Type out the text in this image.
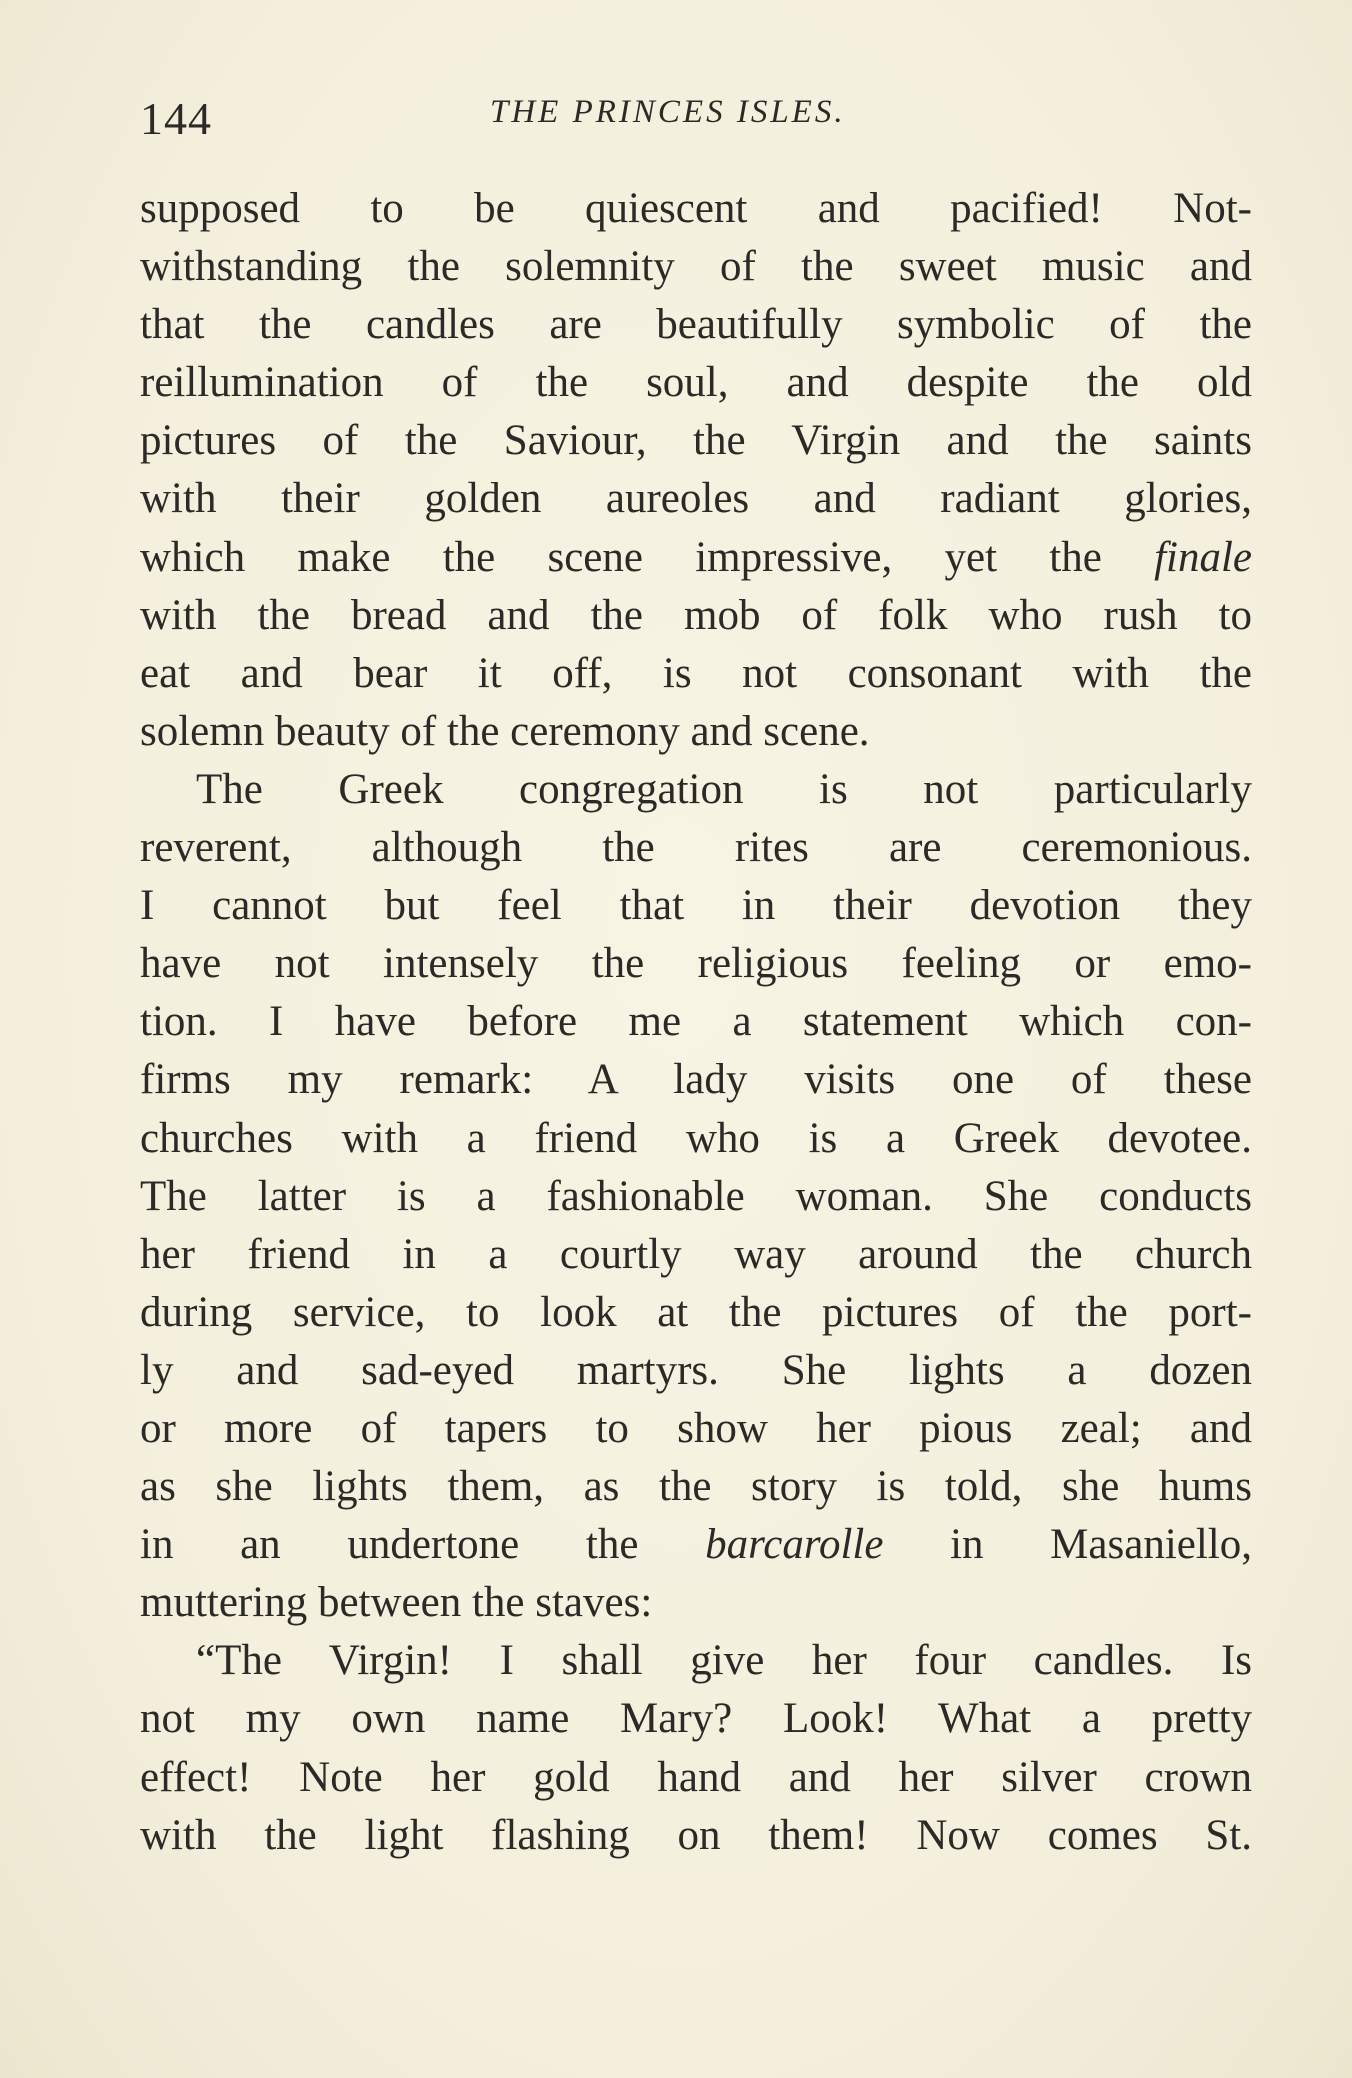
144	THE PRINCES ISLES.
supposed to be quiescent and pacified! Not-
withstanding the solemnity of the sweet music and
that the candles are beautifully symbolic of the
reillumination of the soul, and despite the old
pictures of the Saviour, the Virgin and the saints
with their golden aureoles and radiant glories,
which make the scene impressive, yet the finale
with the bread and the mob of folk who rush to
eat and bear it off, is not consonant with the
solemn beauty of the ceremony and scene.
The Greek congregation is not particularly
reverent, although the rites are ceremonious.
I cannot but feel that in their devotion they
have not intensely the religious feeling or emo-
tion. I have before me a statement which con-
firms my remark: A lady visits one of these
churches with a friend who is a Greek devotee.
The latter is a fashionable woman. She conducts
her friend in a courtly way around the church
during service, to look at the pictures of the port-
ly and sad-eyed martyrs. She lights a dozen
or more of tapers to show her pious zeal; and
as she lights them, as the story is told, she hums
in an undertone the barcarolle in Masaniello,
muttering between the staves:
“The Virgin! I shall give her four candles. Is
not my own name Mary? Look! What a pretty
effect! Note her gold hand and her silver crown
with the light flashing on them! Now comes St.
